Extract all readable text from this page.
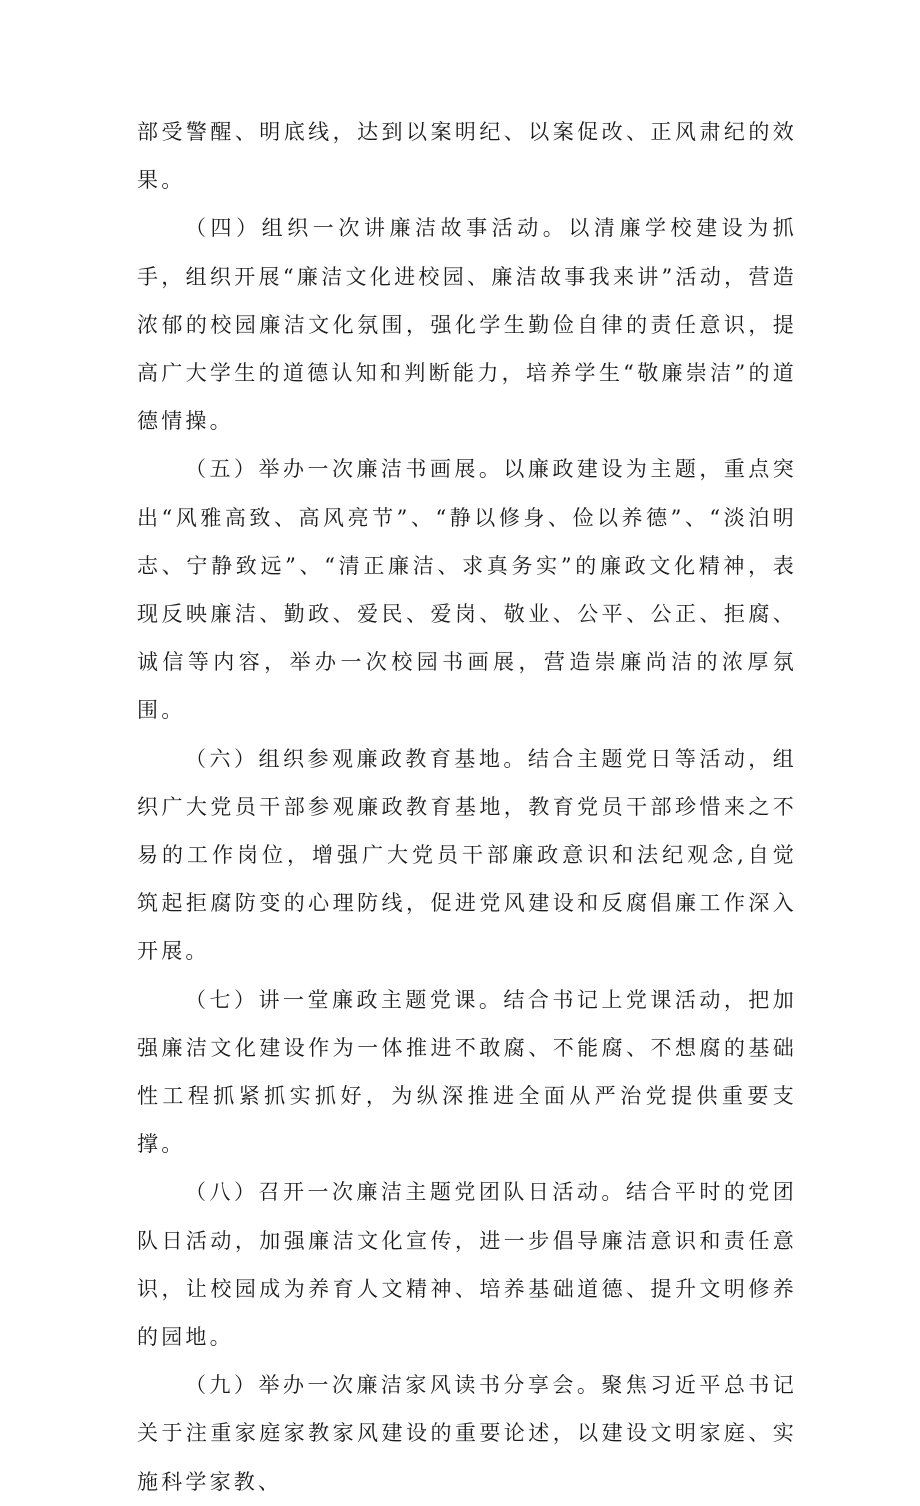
部受警醒、明底线，达到以案明纪、以案促改、正风肃纪的效果。

（四）组织一次讲廉洁故事活动。以清廉学校建设为抓手，组织开展“廉洁文化进校园、廉洁故事我来讲”活动，营造浓郁的校园廉洁文化氛围，强化学生勤俭自律的责任意识，提高广大学生的道德认知和判断能力，培养学生“敬廉崇洁”的道德情操。

（五）举办一次廉洁书画展。以廉政建设为主题，重点突出“风雅高致、高风亮节”、“静以修身、俭以养德”、“淡泊明志、宁静致远”、“清正廉洁、求真务实”的廉政文化精神，表现反映廉洁、勤政、爱民、爱岗、敬业、公平、公正、拒腐、诚信等内容，举办一次校园书画展，营造崇廉尚洁的浓厚氛围。

（六）组织参观廉政教育基地。结合主题党日等活动，组织广大党员干部参观廉政教育基地，教育党员干部珍惜来之不易的工作岗位，增强广大党员干部廉政意识和法纪观念,自觉筑起拒腐防变的心理防线，促进党风建设和反腐倡廉工作深入开展。

（七）讲一堂廉政主题党课。结合书记上党课活动，把加强廉洁文化建设作为一体推进不敢腐、不能腐、不想腐的基础性工程抓紧抓实抓好，为纵深推进全面从严治党提供重要支撑。

（八）召开一次廉洁主题党团队日活动。结合平时的党团队日活动，加强廉洁文化宣传，进一步倡导廉洁意识和责任意识，让校园成为养育人文精神、培养基础道德、提升文明修养的园地。

（九）举办一次廉洁家风读书分享会。聚焦习近平总书记关于注重家庭家教家风建设的重要论述，以建设文明家庭、实施科学家教、
